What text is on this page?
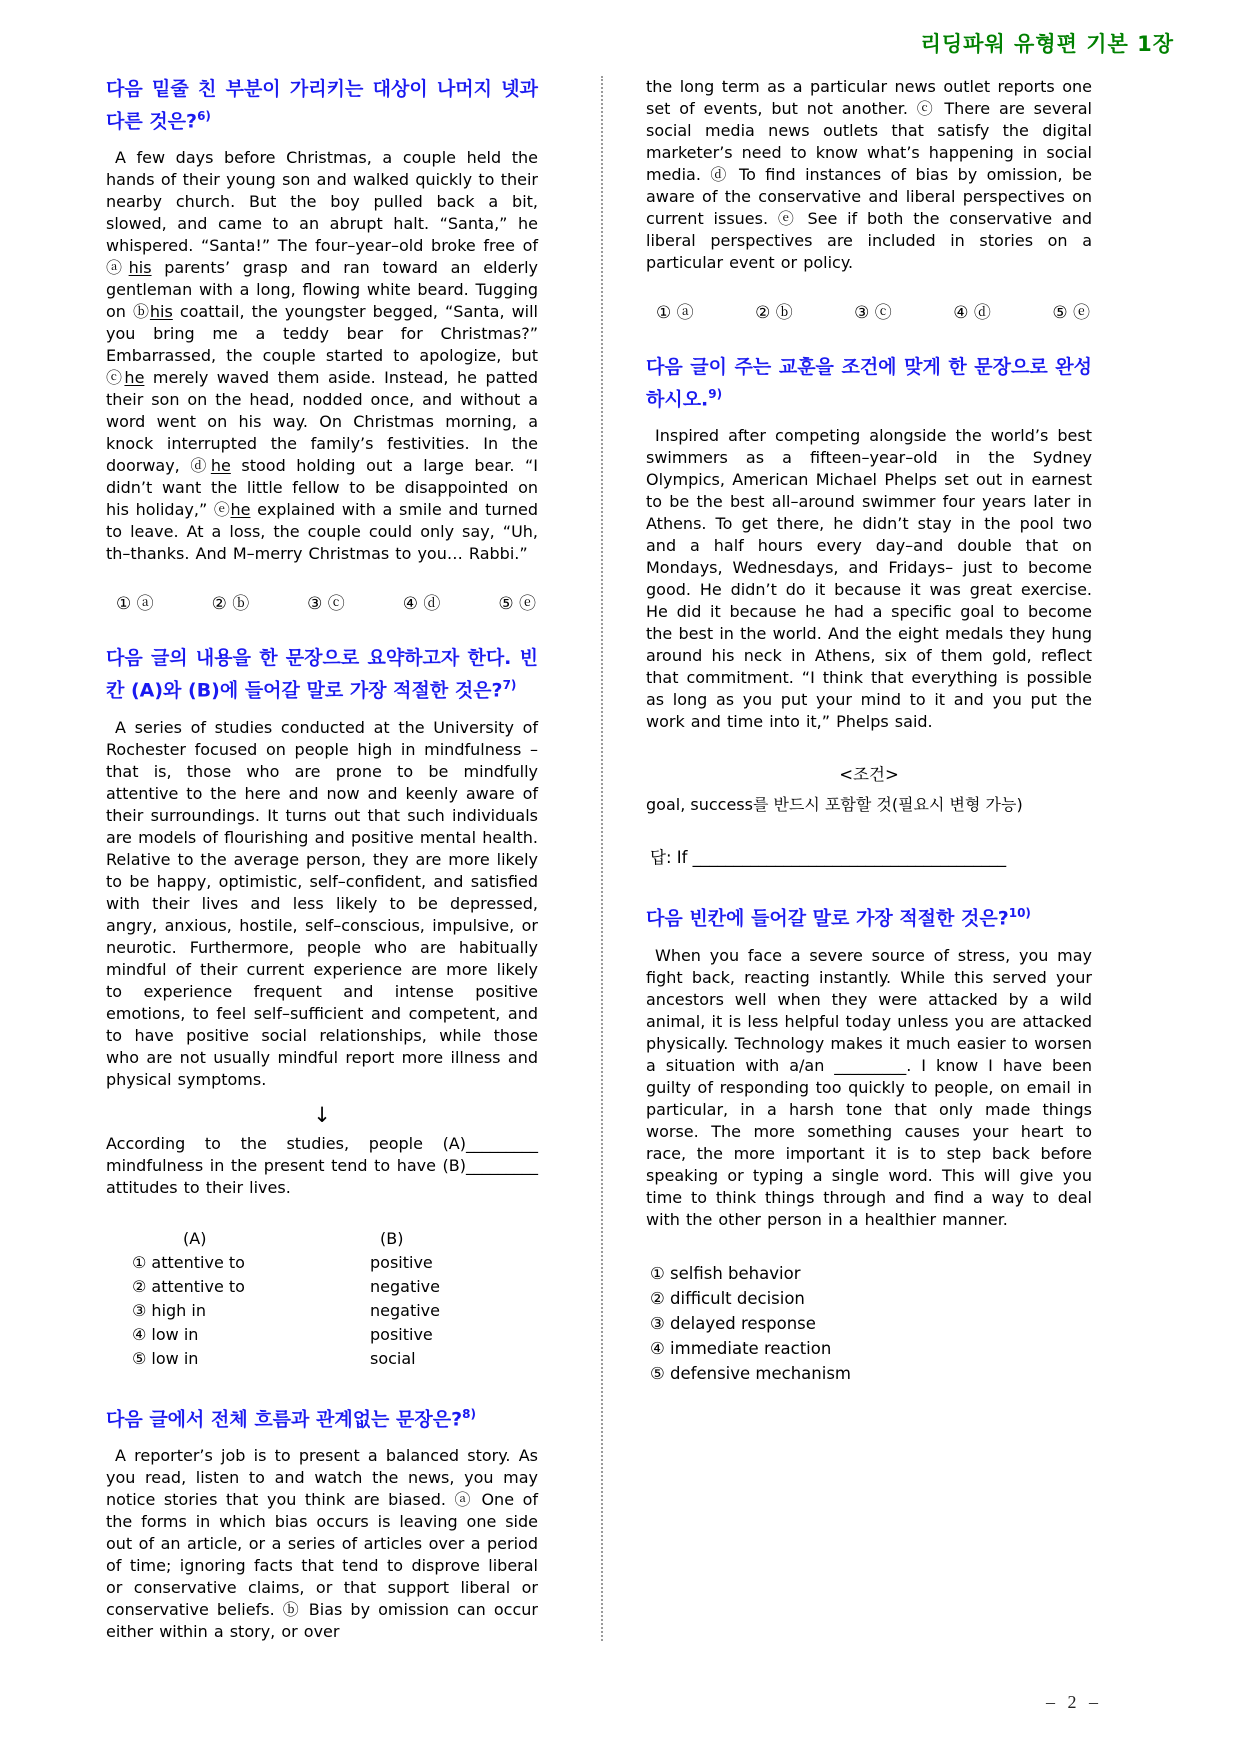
리딩파워 유형편 기본 1장

다음 밑줄 친 부분이 가리키는 대상이 나머지 넷과 다른 것은?$^{6)}$

A few days before Christmas, a couple held the hands of their young son and walked quickly to their nearby church. But the boy pulled back a bit, slowed, and came to an abrupt halt. “Santa,” he whispered. “Santa!” The four–year–old broke free of ⓐhis parents’ grasp and ran toward an elderly gentleman with a long, flowing white beard. Tugging on ⓑhis coattail, the youngster begged, “Santa, will you bring me a teddy bear for Christmas?” Embarrassed, the couple started to apologize, but ⓒhe merely waved them aside. Instead, he patted their son on the head, nodded once, and without a word went on his way. On Christmas morning, a knock interrupted the family’s festivities. In the doorway, ⓓhe stood holding out a large bear. “I didn’t want the little fellow to be disappointed on his holiday,” ⓔhe explained with a smile and turned to leave. At a loss, the couple could only say, “Uh, th–thanks. And M–merry Christmas to you… Rabbi.”

① ⓐ	② ⓑ	③ ⓒ	④ ⓓ	⑤ ⓔ

다음 글의 내용을 한 문장으로 요약하고자 한다. 빈칸 (A)와 (B)에 들어갈 말로 가장 적절한 것은?$^{7)}$

A series of studies conducted at the University of Rochester focused on people high in mindfulness – that is, those who are prone to be mindfully attentive to the here and now and keenly aware of their surroundings. It turns out that such individuals are models of flourishing and positive mental health. Relative to the average person, they are more likely to be happy, optimistic, self–confident, and satisfied with their lives and less likely to be depressed, angry, anxious, hostile, self–conscious, impulsive, or neurotic. Furthermore, people who are habitually mindful of their current experience are more likely to experience frequent and intense positive emotions, to feel self–sufficient and competent, and to have positive social relationships, while those who are not usually mindful report more illness and physical symptoms.

↓

According to the studies, people (A)_________ mindfulness in the present tend to have (B)_________ attitudes to their lives.

(A)	(B)
① attentive to	positive
② attentive to	negative
③ high in	negative
④ low in	positive
⑤ low in	social

다음 글에서 전체 흐름과 관계없는 문장은?$^{8)}$

A reporter’s job is to present a balanced story. As you read, listen to and watch the news, you may notice stories that you think are biased. ⓐ One of the forms in which bias occurs is leaving one side out of an article, or a series of articles over a period of time; ignoring facts that tend to disprove liberal or conservative claims, or that support liberal or conservative beliefs. ⓑ Bias by omission can occur either within a story, or over

the long term as a particular news outlet reports one set of events, but not another. ⓒ There are several social media news outlets that satisfy the digital marketer’s need to know what’s happening in social media. ⓓ To find instances of bias by omission, be aware of the conservative and liberal perspectives on current issues. ⓔ See if both the conservative and liberal perspectives are included in stories on a particular event or policy.

① ⓐ	② ⓑ	③ ⓒ	④ ⓓ	⑤ ⓔ

다음 글이 주는 교훈을 조건에 맞게 한 문장으로 완성하시오.$^{9)}$

Inspired after competing alongside the world’s best swimmers as a fifteen–year–old in the Sydney Olympics, American Michael Phelps set out in earnest to be the best all–around swimmer four years later in Athens. To get there, he didn’t stay in the pool two and a half hours every day–and double that on Mondays, Wednesdays, and Fridays– just to become good. He didn’t do it because it was great exercise. He did it because he had a specific goal to become the best in the world. And the eight medals they hung around his neck in Athens, six of them gold, reflect that commitment. “I think that everything is possible as long as you put your mind to it and you put the work and time into it,” Phelps said.

<조건>

goal, success를 반드시 포함할 것(필요시 변형 가능)

답: If ______________________________________

다음 빈칸에 들어갈 말로 가장 적절한 것은?$^{10)}$

When you face a severe source of stress, you may fight back, reacting instantly. While this served your ancestors well when they were attacked by a wild animal, it is less helpful today unless you are attacked physically. Technology makes it much easier to worsen a situation with a/an _________. I know I have been guilty of responding too quickly to people, on email in particular, in a harsh tone that only made things worse. The more something causes your heart to race, the more important it is to step back before speaking or typing a single word. This will give you time to think things through and find a way to deal with the other person in a healthier manner.

① selfish behavior
② difficult decision
③ delayed response
④ immediate reaction
⑤ defensive mechanism
– 2 –
